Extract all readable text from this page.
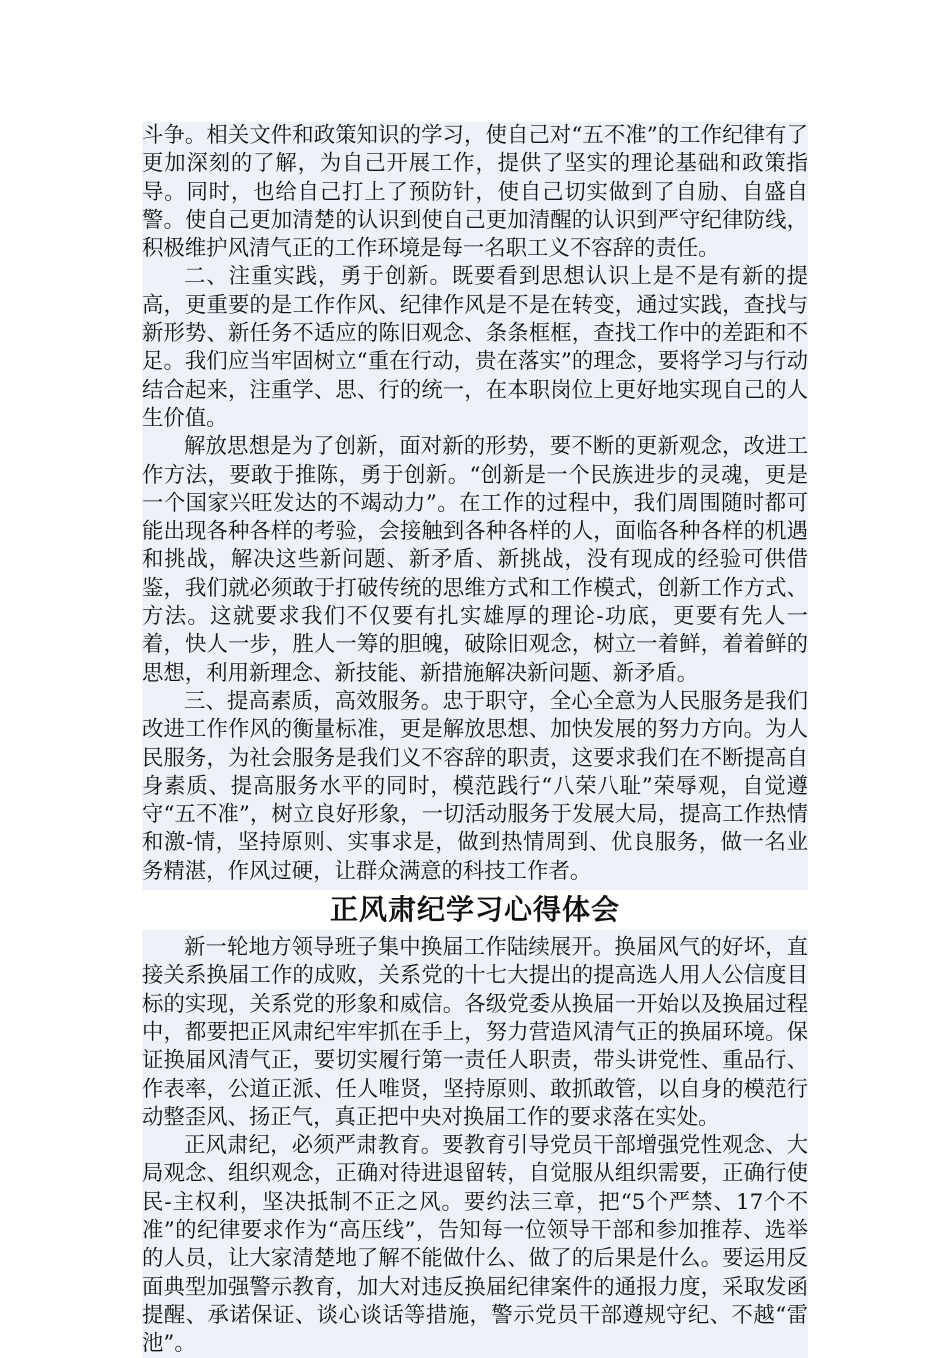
斗争。相关文件和政策知识的学习，使自己对“五不准”的工作纪律有了更加深刻的了解，为自己开展工作，提供了坚实的理论基础和政策指导。同时，也给自己打上了预防针，使自己切实做到了自励、自盛自警。使自己更加清楚的认识到使自己更加清醒的认识到严守纪律防线，积极维护风清气正的工作环境是每一名职工义不容辞的责任。

二、注重实践，勇于创新。既要看到思想认识上是不是有新的提高，更重要的是工作作风、纪律作风是不是在转变，通过实践，查找与新形势、新任务不适应的陈旧观念、条条框框，查找工作中的差距和不足。我们应当牢固树立“重在行动，贵在落实”的理念，要将学习与行动结合起来，注重学、思、行的统一，在本职岗位上更好地实现自己的人生价值。

解放思想是为了创新，面对新的形势，要不断的更新观念，改进工作方法，要敢于推陈，勇于创新。“创新是一个民族进步的灵魂，更是一个国家兴旺发达的不竭动力”。在工作的过程中，我们周围随时都可能出现各种各样的考验，会接触到各种各样的人，面临各种各样的机遇和挑战，解决这些新问题、新矛盾、新挑战，没有现成的经验可供借鉴，我们就必须敢于打破传统的思维方式和工作模式，创新工作方式、方法。这就要求我们不仅要有扎实雄厚的理论-功底，更要有先人一着，快人一步，胜人一筹的胆魄，破除旧观念，树立一着鲜，着着鲜的思想，利用新理念、新技能、新措施解决新问题、新矛盾。

三、提高素质，高效服务。忠于职守，全心全意为人民服务是我们改进工作作风的衡量标准，更是解放思想、加快发展的努力方向。为人民服务，为社会服务是我们义不容辞的职责，这要求我们在不断提高自身素质、提高服务水平的同时，模范践行“八荣八耻”荣辱观，自觉遵守“五不准”，树立良好形象，一切活动服务于发展大局，提高工作热情和激-情，坚持原则、实事求是，做到热情周到、优良服务，做一名业务精湛，作风过硬，让群众满意的科技工作者。

正风肃纪学习心得体会

新一轮地方领导班子集中换届工作陆续展开。换届风气的好坏，直接关系换届工作的成败，关系党的十七大提出的提高选人用人公信度目标的实现，关系党的形象和威信。各级党委从换届一开始以及换届过程中，都要把正风肃纪牢牢抓在手上，努力营造风清气正的换届环境。保证换届风清气正，要切实履行第一责任人职责，带头讲党性、重品行、作表率，公道正派、任人唯贤，坚持原则、敢抓敢管，以自身的模范行动整歪风、扬正气，真正把中央对换届工作的要求落在实处。

正风肃纪，必须严肃教育。要教育引导党员干部增强党性观念、大局观念、组织观念，正确对待进退留转，自觉服从组织需要，正确行使民-主权利，坚决抵制不正之风。要约法三章，把“5个严禁、17个不准”的纪律要求作为“高压线”，告知每一位领导干部和参加推荐、选举的人员，让大家清楚地了解不能做什么、做了的后果是什么。要运用反面典型加强警示教育，加大对违反换届纪律案件的通报力度，采取发函提醒、承诺保证、谈心谈话等措施，警示党员干部遵规守纪、不越“雷池”。
